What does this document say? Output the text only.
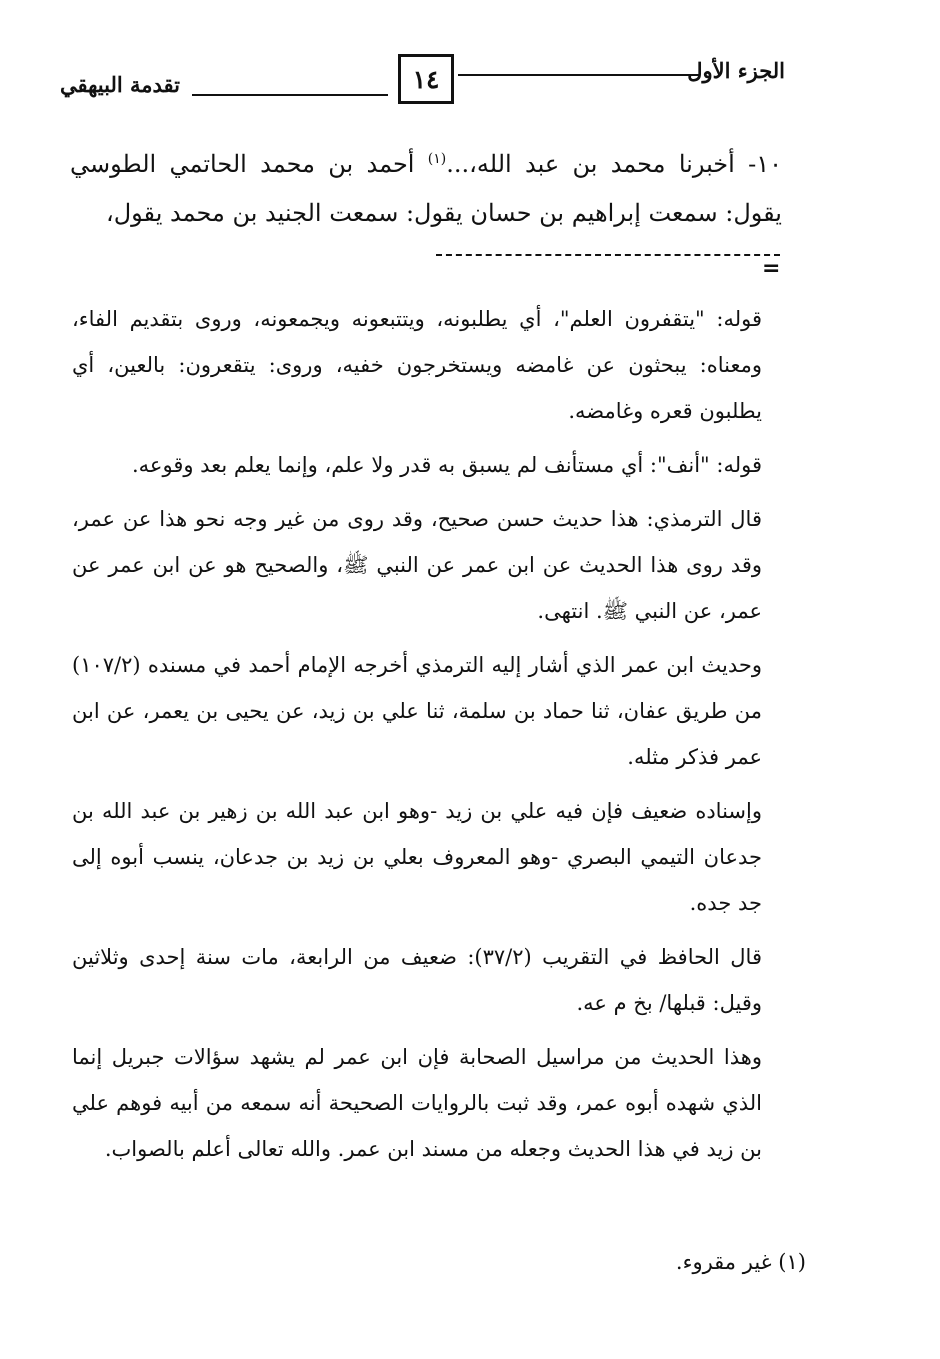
الجزء الأول
١٤
تقدمة البيهقي

١٠- أخبرنا محمد بن عبد الله،...$^{(١)}$ أحمد بن محمد الحاتمي الطوسي يقول: سمعت إبراهيم بن حسان يقول: سمعت الجنيد بن محمد يقول،

=

قوله: "يتقفرون العلم"، أي يطلبونه، ويتتبعونه ويجمعونه، وروى بتقديم الفاء، ومعناه: يبحثون عن غامضه ويستخرجون خفيه، وروى: يتقعرون: بالعين، أي يطلبون قعره وغامضه.

قوله: "أنف": أي مستأنف لم يسبق به قدر ولا علم، وإنما يعلم بعد وقوعه.

قال الترمذي: هذا حديث حسن صحيح، وقد روى من غير وجه نحو هذا عن عمر، وقد روى هذا الحديث عن ابن عمر عن النبي ﷺ، والصحيح هو عن ابن عمر عن عمر، عن النبي ﷺ. انتهى.

وحديث ابن عمر الذي أشار إليه الترمذي أخرجه الإمام أحمد في مسنده (١٠٧/٢) من طريق عفان، ثنا حماد بن سلمة، ثنا علي بن زيد، عن يحيى بن يعمر، عن ابن عمر فذكر مثله.

وإسناده ضعيف فإن فيه علي بن زيد -وهو ابن عبد الله بن زهير بن عبد الله بن جدعان التيمي البصري -وهو المعروف بعلي بن زيد بن جدعان، ينسب أبوه إلى جد جده.

قال الحافظ في التقريب (٣٧/٢): ضعيف من الرابعة، مات سنة إحدى وثلاثين وقيل: قبلها/ بخ م عه.

وهذا الحديث من مراسيل الصحابة فإن ابن عمر لم يشهد سؤالات جبريل إنما الذي شهده أبوه عمر، وقد ثبت بالروايات الصحيحة أنه سمعه من أبيه فوهم علي بن زيد في هذا الحديث وجعله من مسند ابن عمر. والله تعالى أعلم بالصواب.

(١) غير مقروء.
